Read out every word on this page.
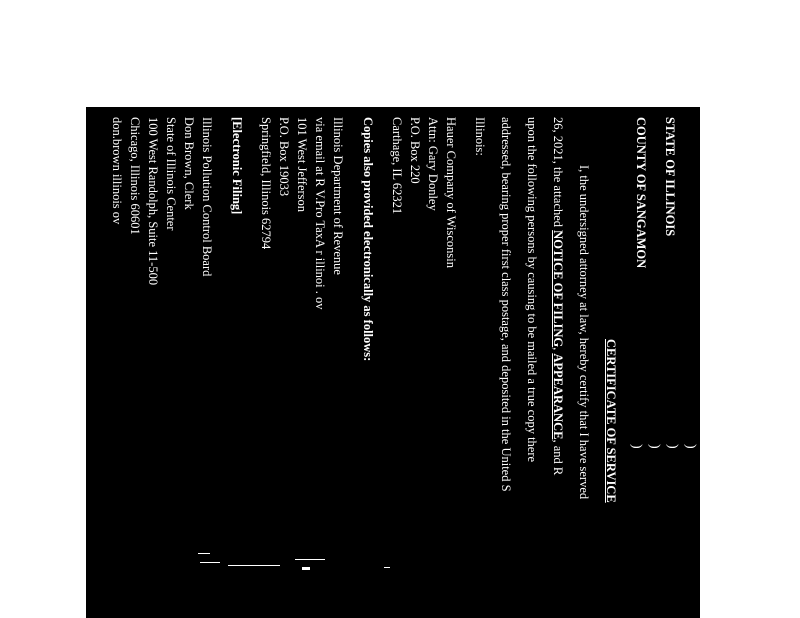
STATE OF ILLINOIS
COUNTY OF SANGAMON
)
)
)
)
CERTIFICATE OF SERVICE
I, the undersigned attorney at law, hereby certify that I have served
26, 2021, the attached NOTICE OF FILING, APPEARANCE, and R
upon the following persons by causing to be mailed a true copy there
addressed, bearing proper first class postage, and deposited in the United S
Illinois:
Hauer Company of Wisconsin
Attn: Gary Donley
P.O. Box 220
Carthage, IL 62321
Copies also provided electronically as follows:
Illinois Department of Revenue
via email at R V.Pro TaxA r illinoi . ov
101 West Jefferson
P.O. Box 19033
Springfield, Illinois 62794
[Electronic Filing]
Illinois Pollution Control Board
Don Brown, Clerk
State of Illinois Center
100 West Randolph, Suite 11-500
Chicago, Illinois 60601
don.brown illinois ov
